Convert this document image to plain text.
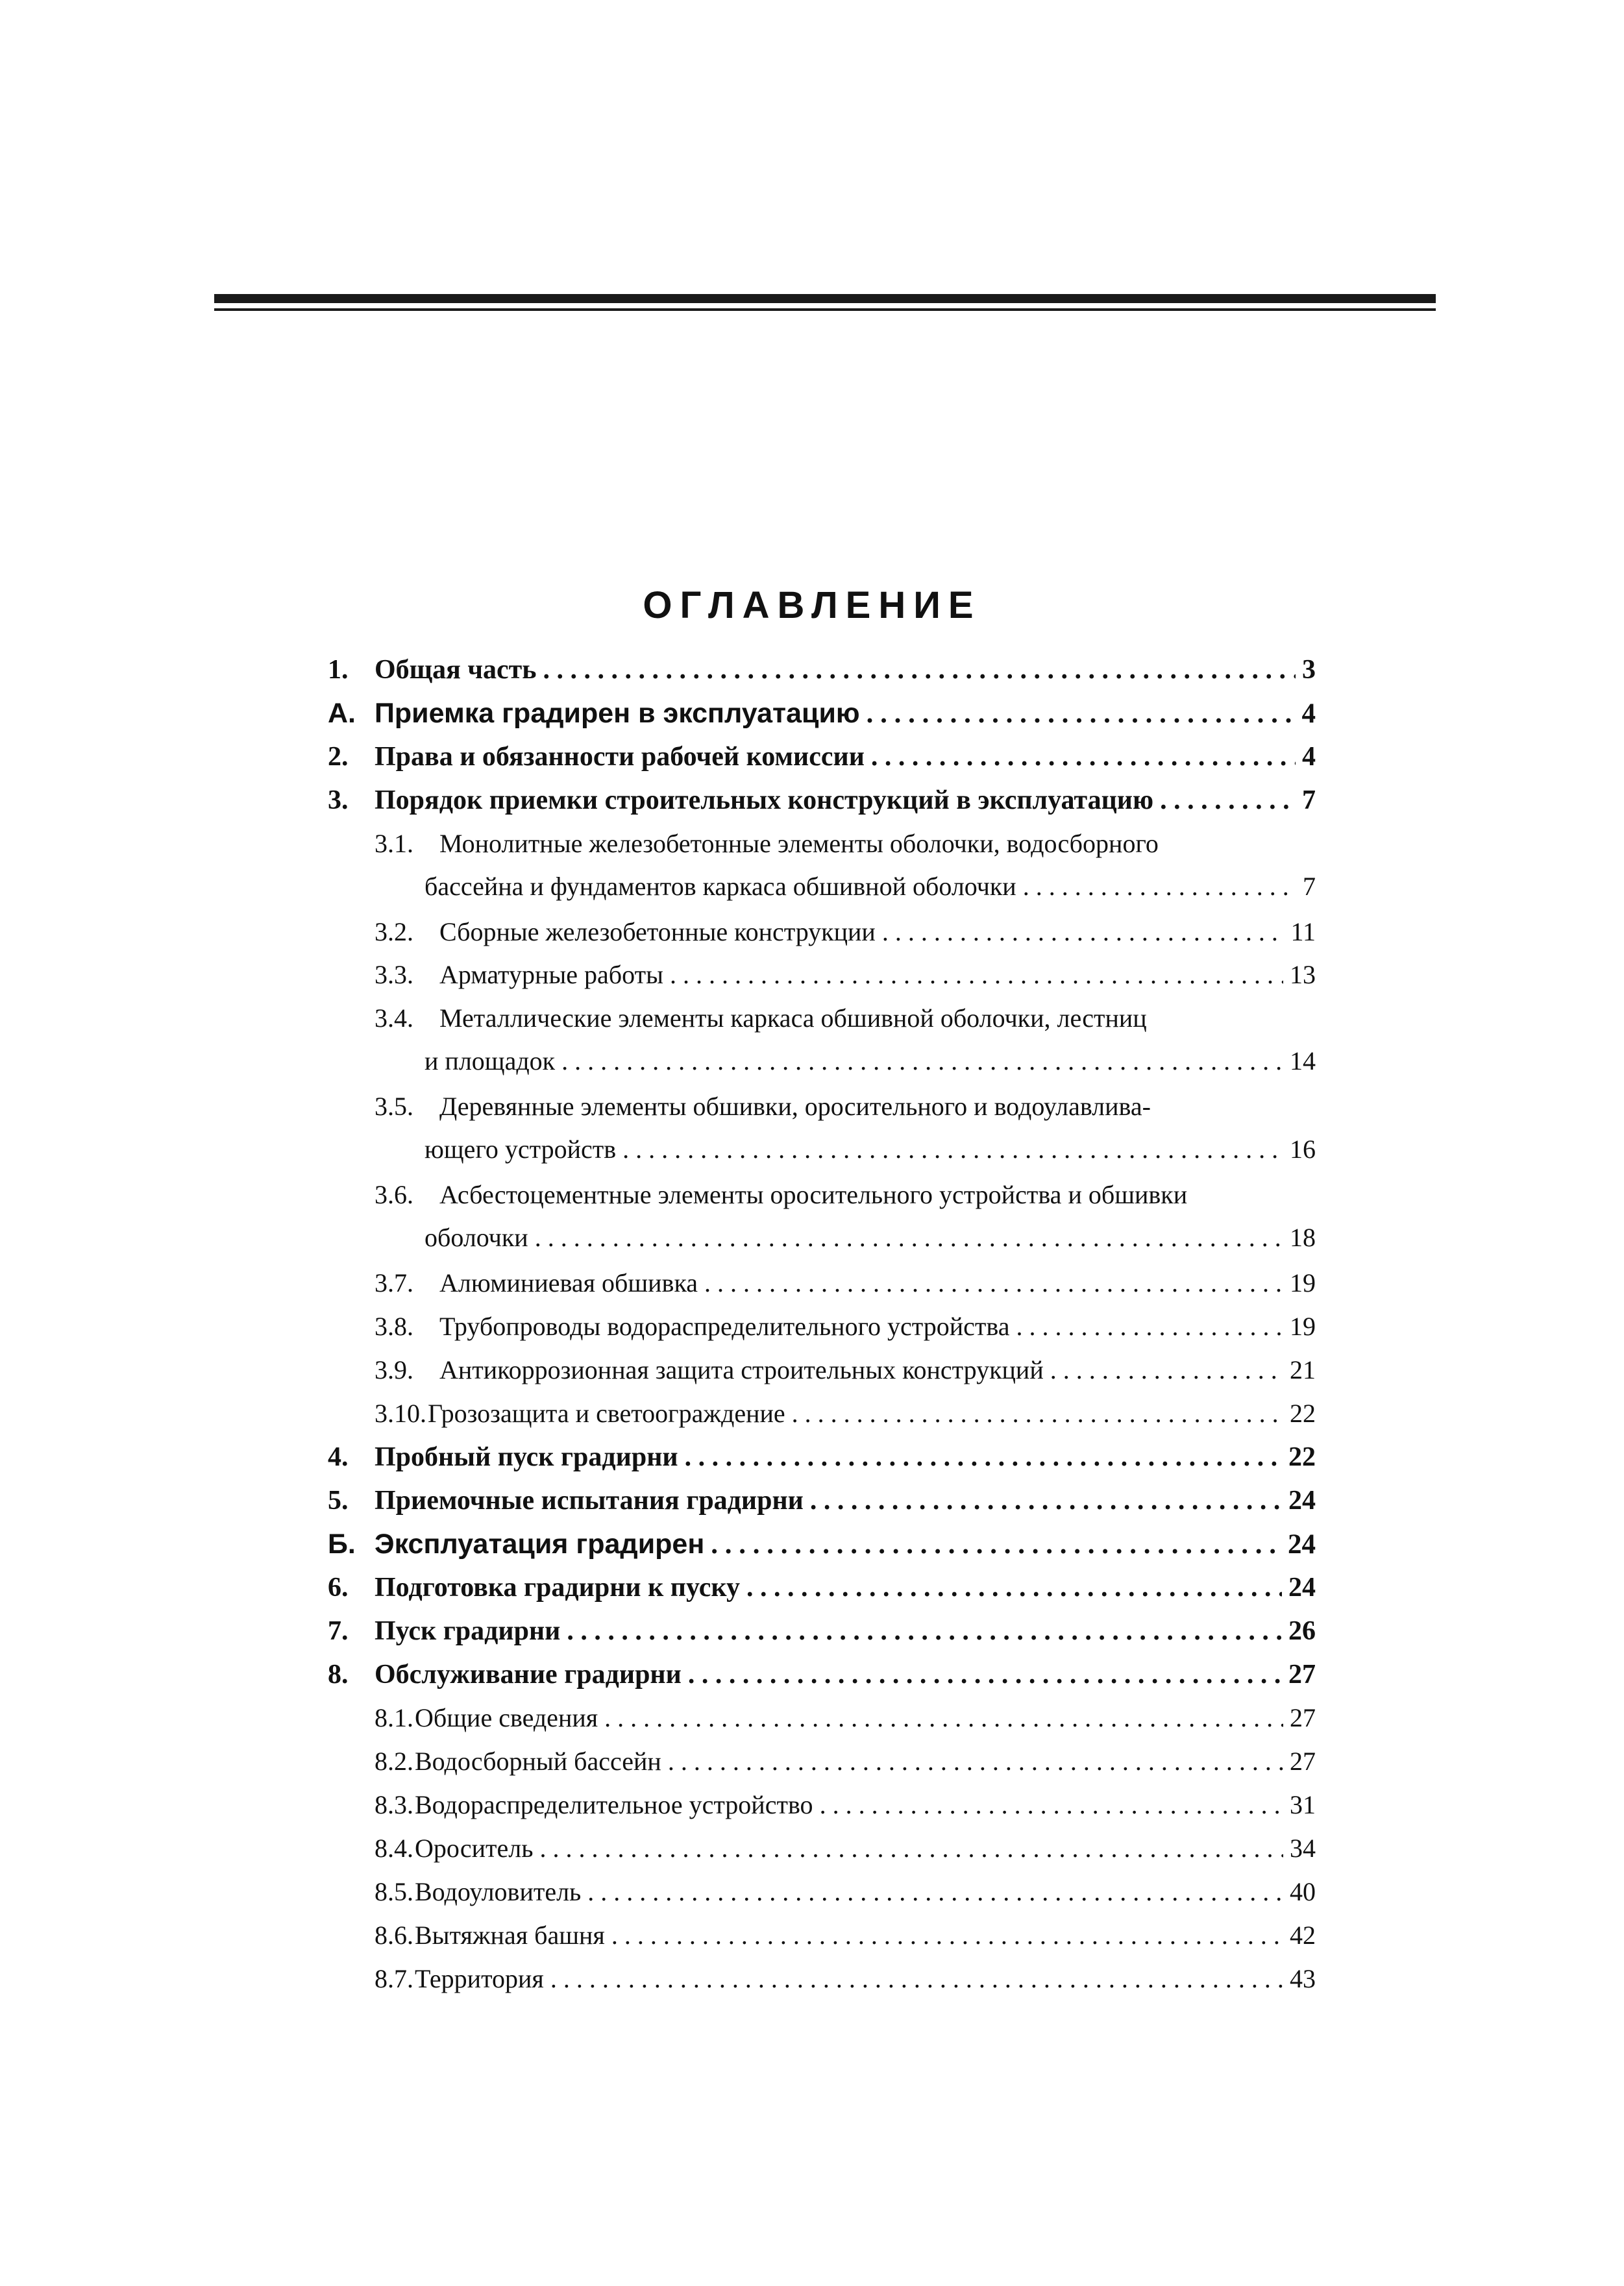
ОГЛАВЛЕНИЕ
1. Общая часть . . .	3
А. Приемка градирен в эксплуатацию . . .	4
2. Права и обязанности рабочей комиссии . . .	4
3. Порядок приемки строительных конструкций в эксплуатацию . . .	7
3.1.	Монолитные железобетонные элементы оболочки, водосборного
бассейна и фундаментов каркаса обшивной оболочки . . .	7
3.2.	Сборные железобетонные конструкции . . .	11
3.3.	Арматурные работы . . .	13
3.4.	Металлические элементы каркаса обшивной оболочки, лестниц
и площадок . . .	14
3.5.	Деревянные элементы обшивки, оросительного и водоулавлива-
ющего устройств . . .	16
3.6.	Асбестоцементные элементы оросительного устройства и обшивки
оболочки . . .	18
3.7.	Алюминиевая обшивка . . .	19
3.8.	Трубопроводы водораспределительного устройства . . .	19
3.9.	Антикоррозионная защита строительных конструкций . . .	21
3.10. Грозозащита и светоограждение . . .	22
4. Пробный пуск градирни . . .	22
5. Приемочные испытания градирни . . .	24
Б. Эксплуатация градирен . . .	24
6. Подготовка градирни к пуску . . .	24
7. Пуск градирни . . .	26
8. Обслуживание градирни . . .	27
8.1. Общие сведения . . .	27
8.2. Водосборный бассейн . . .	27
8.3. Водораспределительное устройство . . .	31
8.4. Ороситель . . .	34
8.5. Водоуловитель . . .	40
8.6. Вытяжная башня . . .	42
8.7. Территория . . .	43
